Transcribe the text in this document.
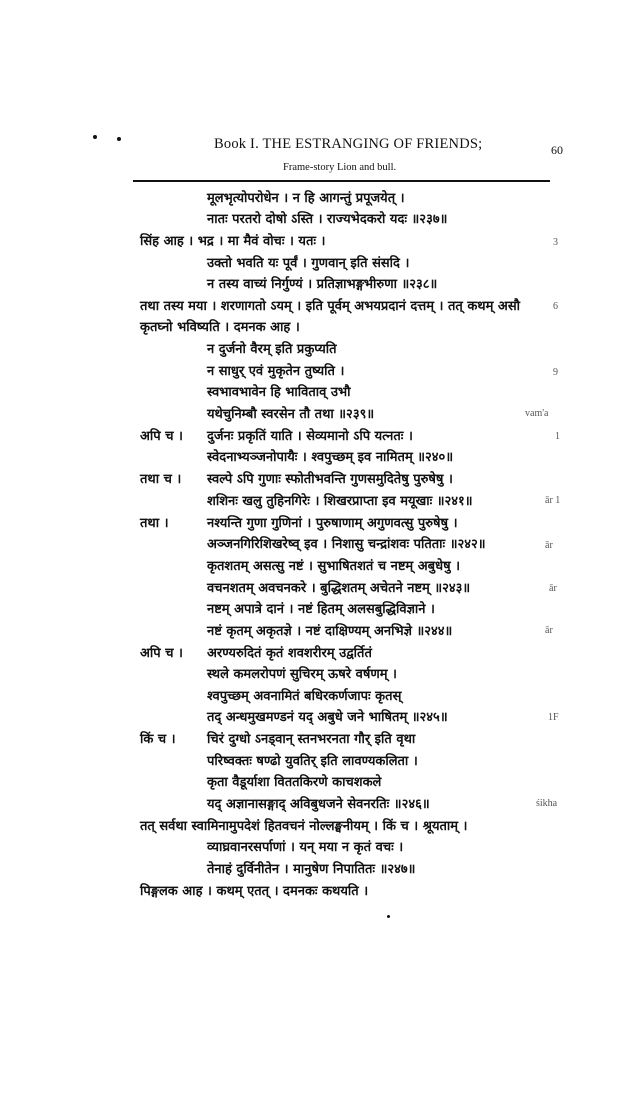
Book I. THE ESTRANGING OF FRIENDS;	60
Frame-story Lion and bull.
अपि च ।
तथा च ।
तथा ।
अपि च ।
किं च ।
मूलभृत्योपरोधेन । न हि आगन्तुं प्रपूजयेत् ।
नातः परतरो दोषो ऽस्ति । राज्यभेदकरो यदः ॥२३७॥
सिंह आह । भद्र । मा मैवं वोचः । यतः ।
उक्तो भवति यः पूर्वं । गुणवान् इति संसदि ।
न तस्य वाच्यं निर्गुण्यं । प्रतिज्ञाभङ्गभीरुणा ॥२३८॥
तथा तस्य मया । शरणागतो ऽयम् । इति पूर्वम् अभयप्रदानं दत्तम् । तत् कथम् असौ
कृतघ्नो भविष्यति । दमनक आह ।
न दुर्जनो वैरम् इति प्रकुप्यति
न साधुर् एवं मुकृतेन तुष्यति ।
स्वभावभावेन हि भाविताव् उभौ
यथेचुनिम्बौ स्वरसेन तौ तथा ॥२३९॥
दुर्जनः प्रकृतिं याति । सेव्यमानो ऽपि यत्नतः ।
स्वेदनाभ्यञ्जनोपायैः । श्वपुच्छम् इव नामितम् ॥२४०॥
स्वल्पे ऽपि गुणाः स्फोतीभवन्ति गुणसमुदितेषु पुरुषेषु ।
शशिनः खलु तुहिनगिरेः । शिखरप्राप्ता इव मयूखाः ॥२४१॥
नश्यन्ति गुणा गुणिनां । पुरुषाणाम् अगुणवत्सु पुरुषेषु ।
अञ्जनगिरिशिखरेष्व् इव । निशासु चन्द्रांशवः पतिताः ॥२४२॥
कृतशतम् असत्सु नष्टं । सुभाषितशतं च नष्टम् अबुधेषु ।
वचनशतम् अवचनकरे । बुद्धिशतम् अचेतने नष्टम् ॥२४३॥
नष्टम् अपात्रे दानं । नष्टं हितम् अलसबुद्धिविज्ञाने ।
नष्टं कृतम् अकृतज्ञे । नष्टं दाक्षिण्यम् अनभिज्ञे ॥२४४॥
अरण्यरुदितं कृतं शवशरीरम् उद्वर्तितं
स्थले कमलरोपणं सुचिरम् ऊषरे वर्षणम् ।
श्वपुच्छम् अवनामितं बधिरकर्णजापः कृतस्
तद् अन्धमुखमण्डनं यद् अबुधे जने भाषितम् ॥२४५॥
चिरं दुग्धो ऽनड्वान् स्तनभरनता गौर् इति वृथा
परिष्वक्तः षण्ढो युवतिर् इति लावण्यकलिता ।
कृता वैडूर्याशा विततकिरणे काचशकले
यद् अज्ञानासङ्गाद् अविबुधजने सेवनरतिः ॥२४६॥
तत् सर्वथा स्वामिनामुपदेशं हितवचनं नोल्लङ्घनीयम् । किं च । श्रूयताम् ।
व्याघ्रवानरसर्पाणां । यन् मया न कृतं वचः ।
तेनाहं दुर्विनीतेन । मानुषेण निपातितः ॥२४७॥
पिङ्गलक आह । कथम् एतत् । दमनकः कथयति ।
3
6
9
vam'a
1
ār 1
ār
ār
ār
1F
śikha
